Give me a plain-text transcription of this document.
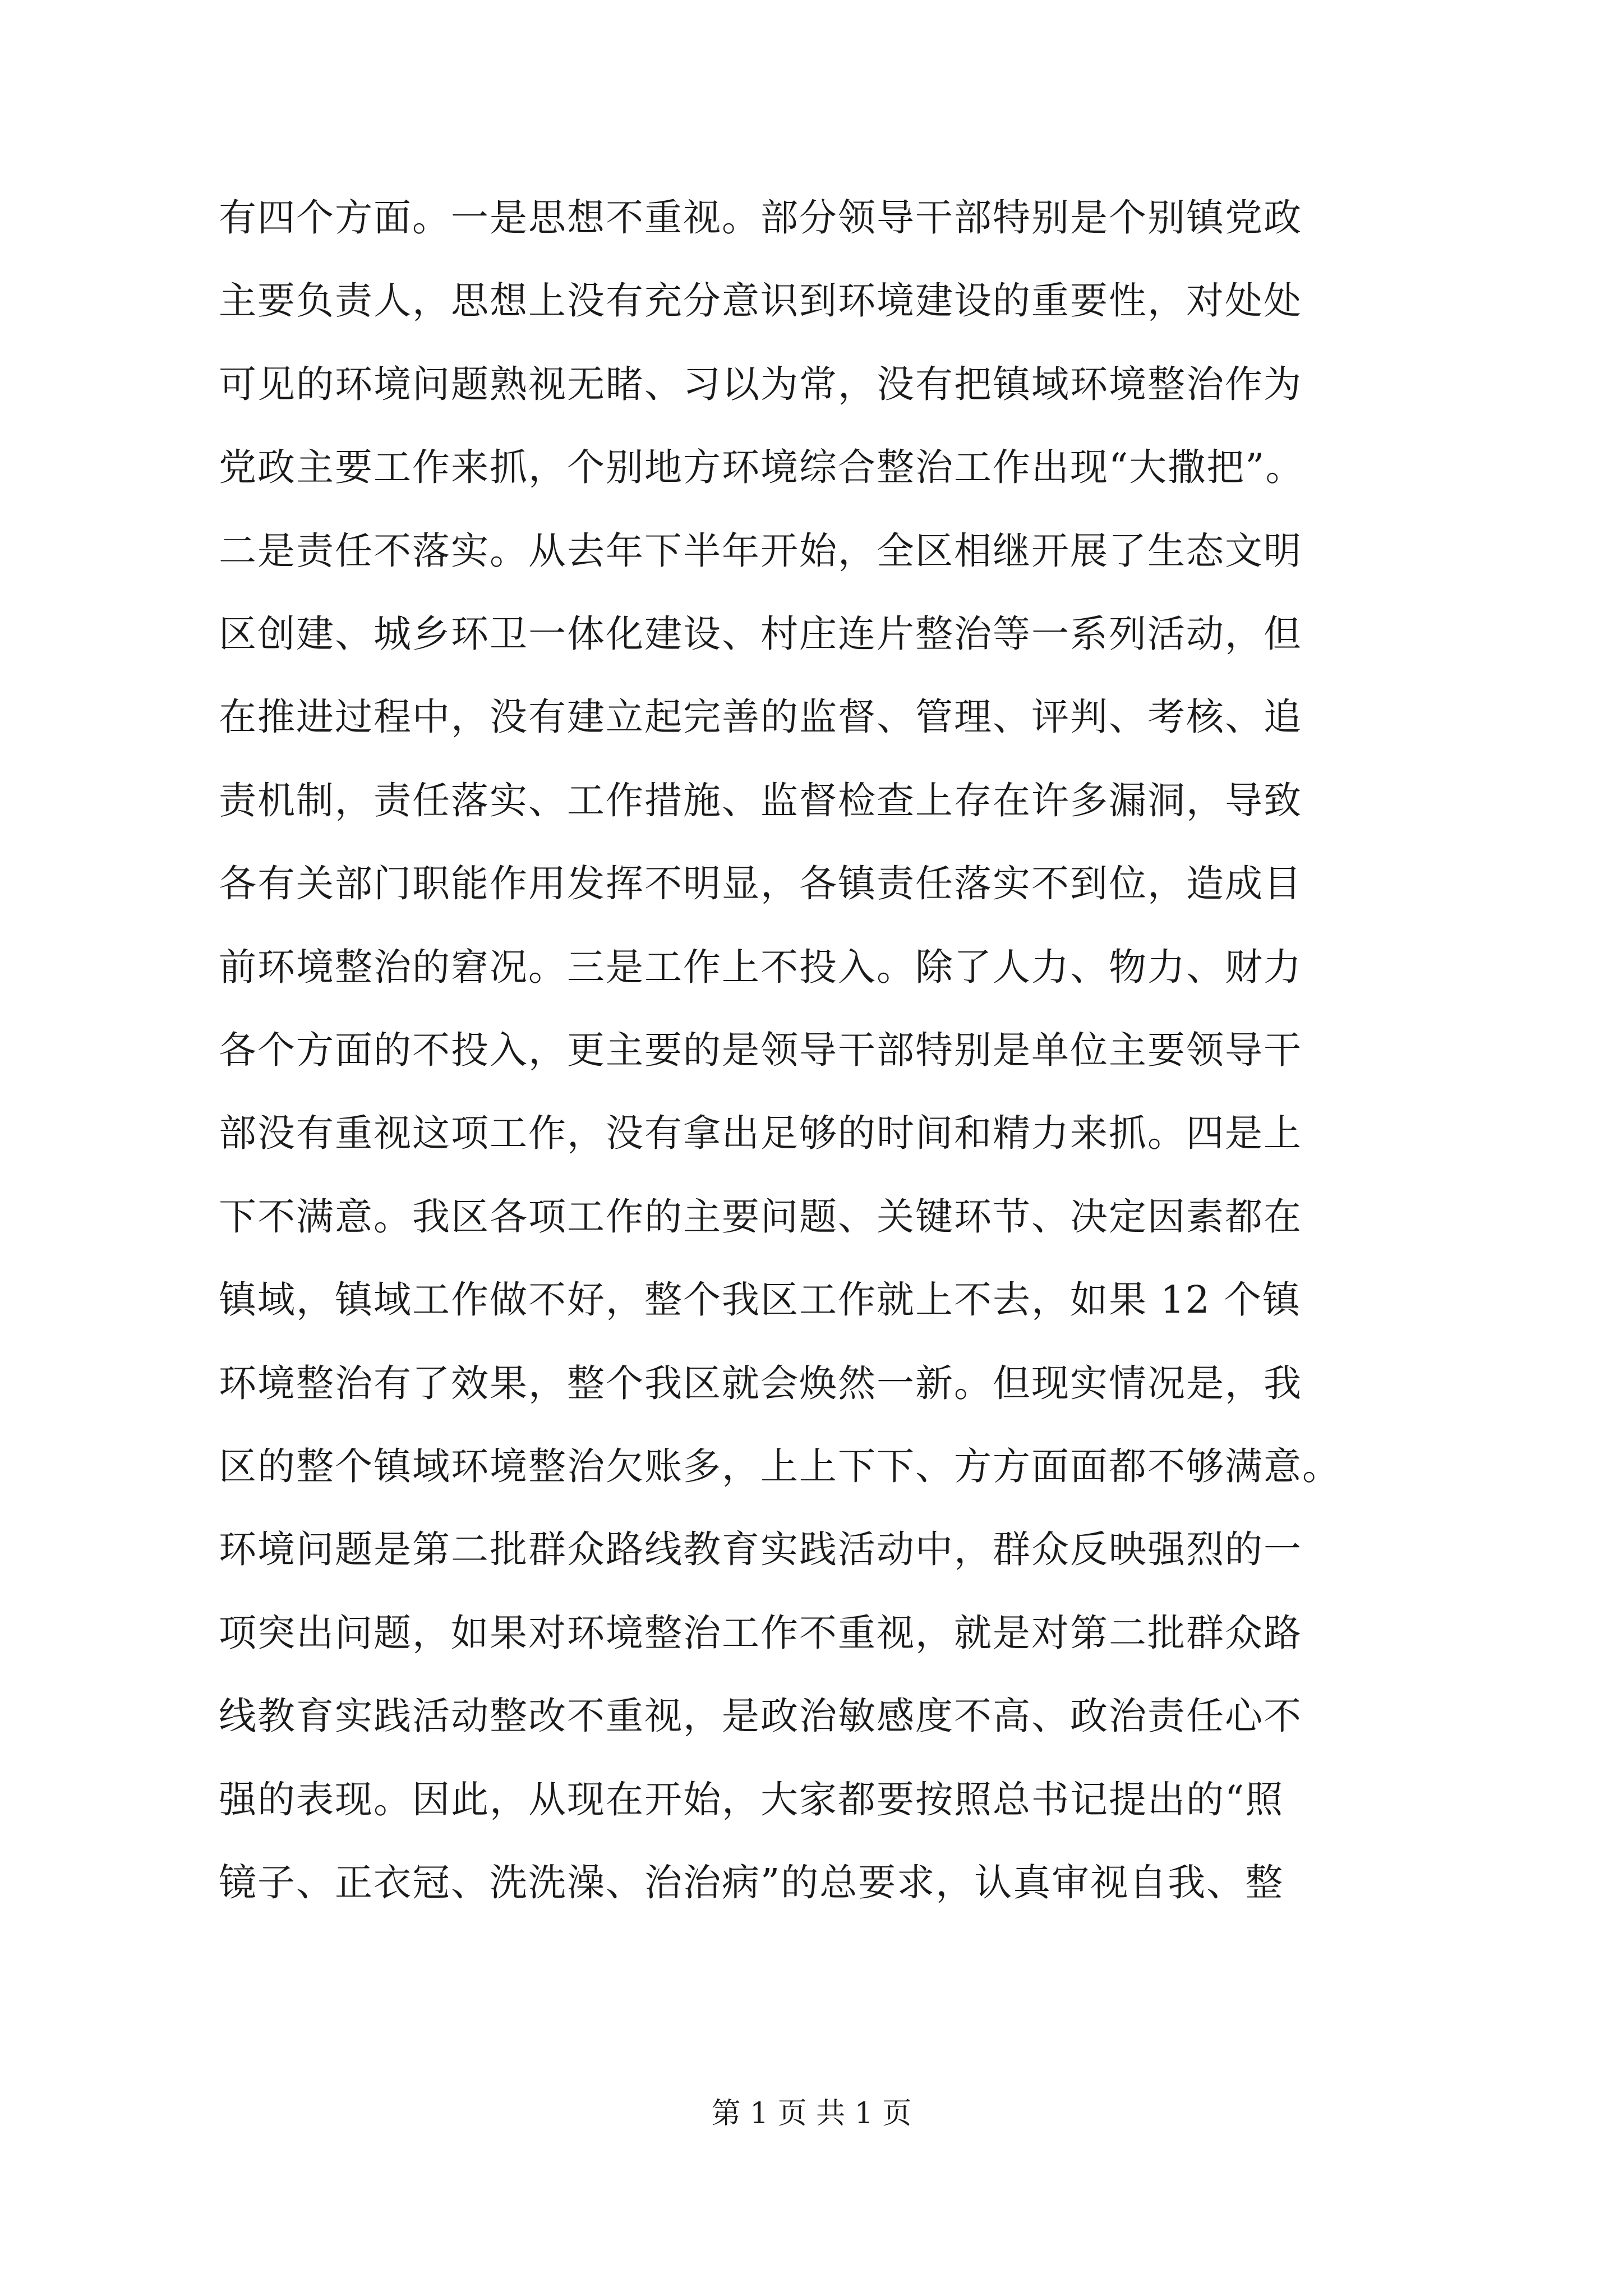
有四个方面。一是思想不重视。部分领导干部特别是个别镇党政
主要负责人，思想上没有充分意识到环境建设的重要性，对处处
可见的环境问题熟视无睹、习以为常，没有把镇域环境整治作为
党政主要工作来抓，个别地方环境综合整治工作出现“大撒把”。
二是责任不落实。从去年下半年开始，全区相继开展了生态文明
区创建、城乡环卫一体化建设、村庄连片整治等一系列活动，但
在推进过程中，没有建立起完善的监督、管理、评判、考核、追
责机制，责任落实、工作措施、监督检查上存在许多漏洞，导致
各有关部门职能作用发挥不明显，各镇责任落实不到位，造成目
前环境整治的窘况。三是工作上不投入。除了人力、物力、财力
各个方面的不投入，更主要的是领导干部特别是单位主要领导干
部没有重视这项工作，没有拿出足够的时间和精力来抓。四是上
下不满意。我区各项工作的主要问题、关键环节、决定因素都在
镇域，镇域工作做不好，整个我区工作就上不去，如果 12 个镇
环境整治有了效果，整个我区就会焕然一新。但现实情况是，我
区的整个镇域环境整治欠账多，上上下下、方方面面都不够满意。
环境问题是第二批群众路线教育实践活动中，群众反映强烈的一
项突出问题，如果对环境整治工作不重视，就是对第二批群众路
线教育实践活动整改不重视，是政治敏感度不高、政治责任心不
强的表现。因此，从现在开始，大家都要按照总书记提出的“照
镜子、正衣冠、洗洗澡、治治病”的总要求，认真审视自我、整
第 1 页 共 1 页
